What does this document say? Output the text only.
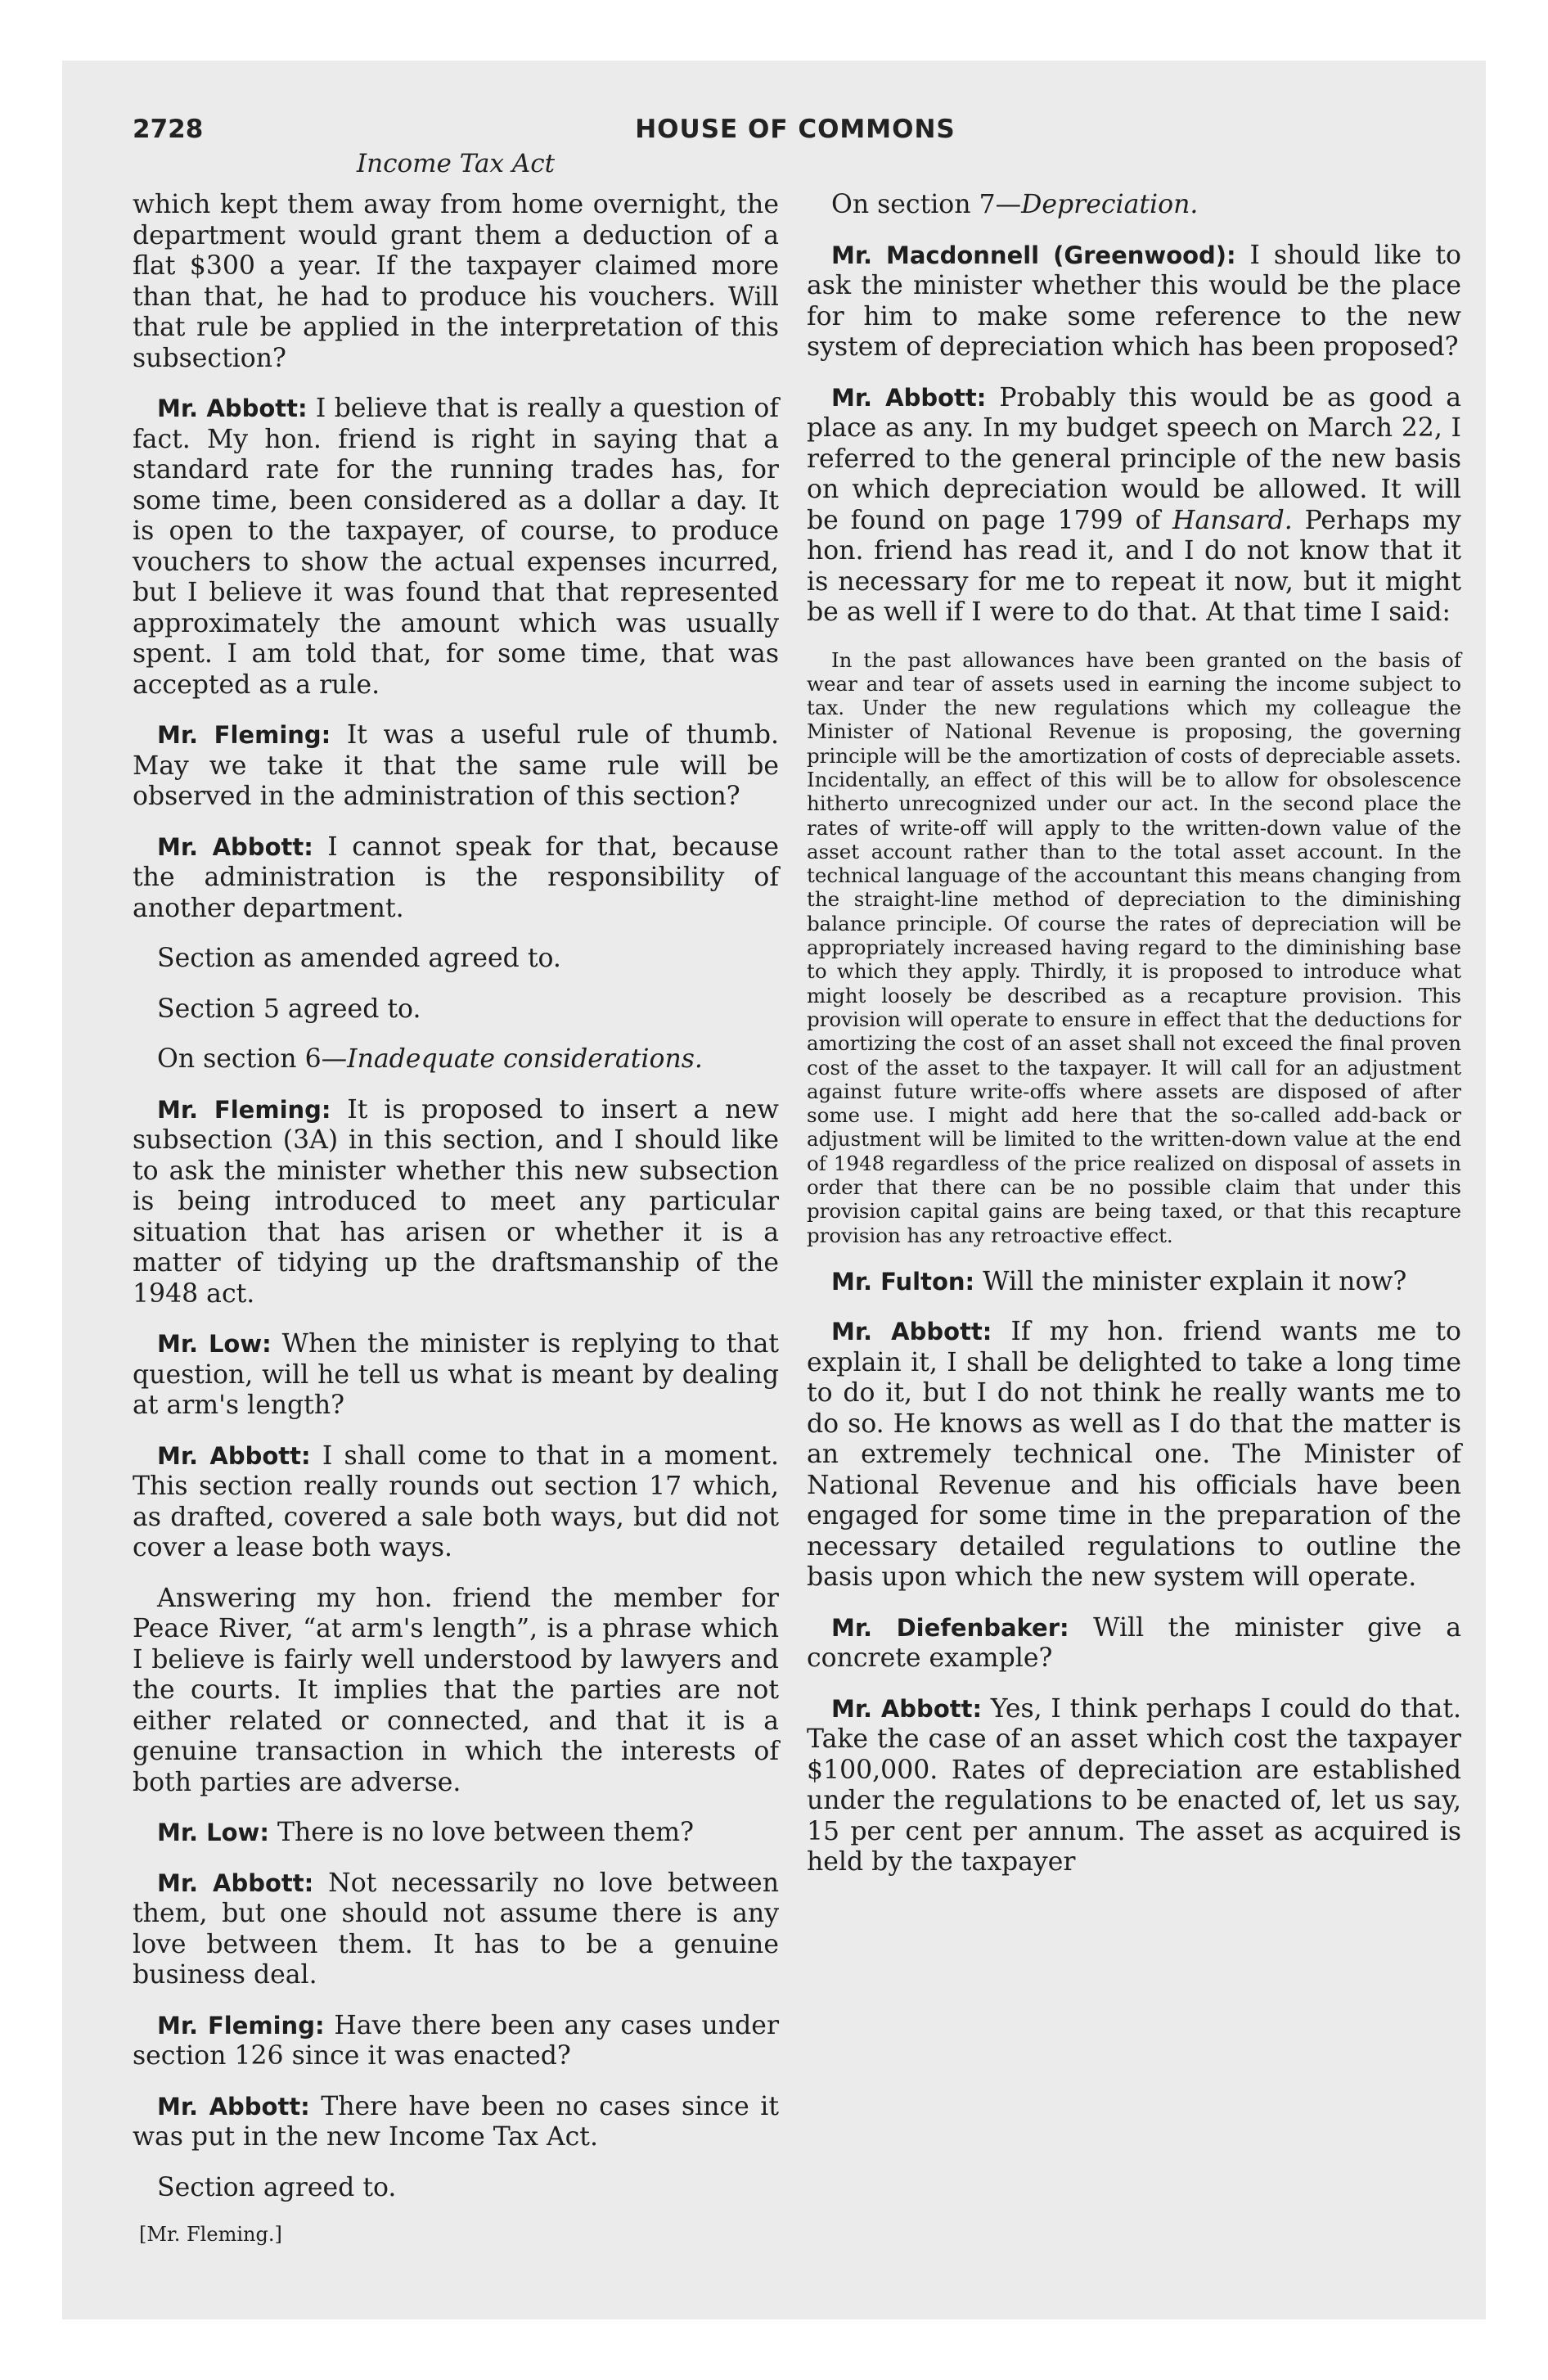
2728	HOUSE OF COMMONS
Income Tax Act

which kept them away from home overnight, the department would grant them a deduction of a flat $300 a year. If the taxpayer claimed more than that, he had to produce his vouchers. Will that rule be applied in the interpretation of this subsection?

Mr. Abbott: I believe that is really a question of fact. My hon. friend is right in saying that a standard rate for the running trades has, for some time, been considered as a dollar a day. It is open to the taxpayer, of course, to produce vouchers to show the actual expenses incurred, but I believe it was found that that represented approximately the amount which was usually spent. I am told that, for some time, that was accepted as a rule.

Mr. Fleming: It was a useful rule of thumb. May we take it that the same rule will be observed in the administration of this section?

Mr. Abbott: I cannot speak for that, because the administration is the responsibility of another department.

Section as amended agreed to.

Section 5 agreed to.

On section 6—Inadequate considerations.

Mr. Fleming: It is proposed to insert a new subsection (3A) in this section, and I should like to ask the minister whether this new subsection is being introduced to meet any particular situation that has arisen or whether it is a matter of tidying up the draftsmanship of the 1948 act.

Mr. Low: When the minister is replying to that question, will he tell us what is meant by dealing at arm's length?

Mr. Abbott: I shall come to that in a moment. This section really rounds out section 17 which, as drafted, covered a sale both ways, but did not cover a lease both ways.

Answering my hon. friend the member for Peace River, “at arm's length”, is a phrase which I believe is fairly well understood by lawyers and the courts. It implies that the parties are not either related or connected, and that it is a genuine transaction in which the interests of both parties are adverse.

Mr. Low: There is no love between them?

Mr. Abbott: Not necessarily no love between them, but one should not assume there is any love between them. It has to be a genuine business deal.

Mr. Fleming: Have there been any cases under section 126 since it was enacted?

Mr. Abbott: There have been no cases since it was put in the new Income Tax Act.

Section agreed to.

[Mr. Fleming.]

On section 7—Depreciation.

Mr. Macdonnell (Greenwood): I should like to ask the minister whether this would be the place for him to make some reference to the new system of depreciation which has been proposed?

Mr. Abbott: Probably this would be as good a place as any. In my budget speech on March 22, I referred to the general principle of the new basis on which depreciation would be allowed. It will be found on page 1799 of Hansard. Perhaps my hon. friend has read it, and I do not know that it is necessary for me to repeat it now, but it might be as well if I were to do that. At that time I said:

In the past allowances have been granted on the basis of wear and tear of assets used in earning the income subject to tax. Under the new regulations which my colleague the Minister of National Revenue is proposing, the governing principle will be the amortization of costs of depreciable assets. Incidentally, an effect of this will be to allow for obsolescence hitherto unrecognized under our act. In the second place the rates of write-off will apply to the written-down value of the asset account rather than to the total asset account. In the technical language of the accountant this means changing from the straight-line method of depreciation to the diminishing balance principle. Of course the rates of depreciation will be appropriately increased having regard to the diminishing base to which they apply. Thirdly, it is proposed to introduce what might loosely be described as a recapture provision. This provision will operate to ensure in effect that the deductions for amortizing the cost of an asset shall not exceed the final proven cost of the asset to the taxpayer. It will call for an adjustment against future write-offs where assets are disposed of after some use. I might add here that the so-called add-back or adjustment will be limited to the written-down value at the end of 1948 regardless of the price realized on disposal of assets in order that there can be no possible claim that under this provision capital gains are being taxed, or that this recapture provision has any retroactive effect.

Mr. Fulton: Will the minister explain it now?

Mr. Abbott: If my hon. friend wants me to explain it, I shall be delighted to take a long time to do it, but I do not think he really wants me to do so. He knows as well as I do that the matter is an extremely technical one. The Minister of National Revenue and his officials have been engaged for some time in the preparation of the necessary detailed regulations to outline the basis upon which the new system will operate.

Mr. Diefenbaker: Will the minister give a concrete example?

Mr. Abbott: Yes, I think perhaps I could do that. Take the case of an asset which cost the taxpayer $100,000. Rates of depreciation are established under the regulations to be enacted of, let us say, 15 per cent per annum. The asset as acquired is held by the taxpayer
